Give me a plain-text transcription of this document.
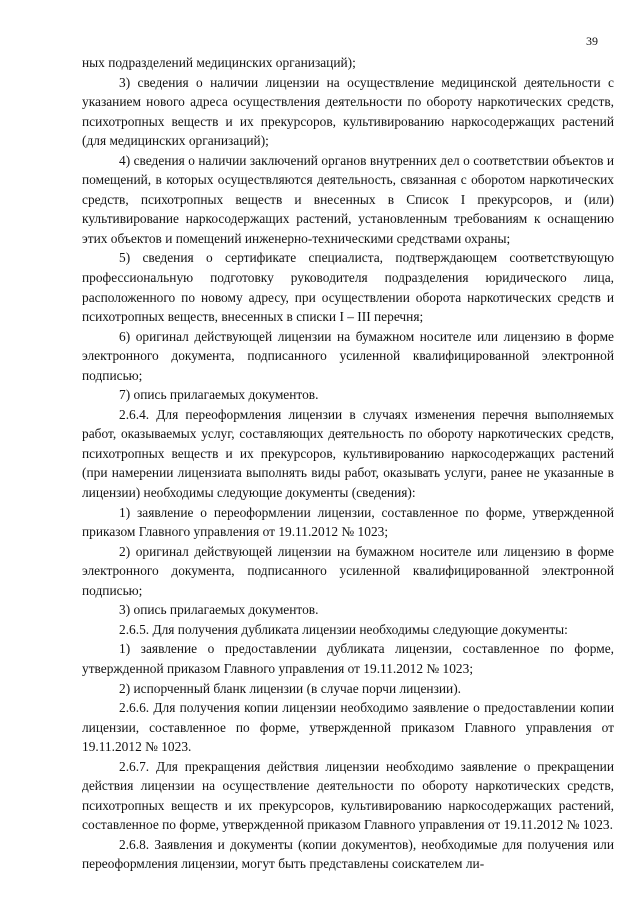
39

ных подразделений медицинских организаций);

3) сведения о наличии лицензии на осуществление медицинской деятельности с указанием нового адреса осуществления деятельности по обороту наркотических средств, психотропных веществ и их прекурсоров, культивированию наркосодержащих растений (для медицинских организаций);

4) сведения о наличии заключений органов внутренних дел о соответствии объектов и помещений, в которых осуществляются деятельность, связанная с оборотом наркотических средств, психотропных веществ и внесенных в Список I прекурсоров, и (или) культивирование наркосодержащих растений, установленным требованиям к оснащению этих объектов и помещений инженерно-техническими средствами охраны;

5) сведения о сертификате специалиста, подтверждающем соответствующую профессиональную подготовку руководителя подразделения юридического лица, расположенного по новому адресу, при осуществлении оборота наркотических средств и психотропных веществ, внесенных в списки I – III перечня;

6) оригинал действующей лицензии на бумажном носителе или лицензию в форме электронного документа, подписанного усиленной квалифицированной электронной подписью;

7) опись прилагаемых документов.

2.6.4. Для переоформления лицензии в случаях изменения перечня выполняемых работ, оказываемых услуг, составляющих деятельность по обороту наркотических средств, психотропных веществ и их прекурсоров, культивированию наркосодержащих растений (при намерении лицензиата выполнять виды работ, оказывать услуги, ранее не указанные в лицензии) необходимы следующие документы (сведения):

1) заявление о переоформлении лицензии, составленное по форме, утвержденной приказом Главного управления от 19.11.2012 № 1023;

2) оригинал действующей лицензии на бумажном носителе или лицензию в форме электронного документа, подписанного усиленной квалифицированной электронной подписью;

3) опись прилагаемых документов.

2.6.5. Для получения дубликата лицензии необходимы следующие документы:

1) заявление о предоставлении дубликата лицензии, составленное по форме, утвержденной приказом Главного управления от 19.11.2012 № 1023;

2) испорченный бланк лицензии (в случае порчи лицензии).

2.6.6. Для получения копии лицензии необходимо заявление о предоставлении копии лицензии, составленное по форме, утвержденной приказом Главного управления от 19.11.2012 № 1023.

2.6.7. Для прекращения действия лицензии необходимо заявление о прекращении действия лицензии на осуществление деятельности по обороту наркотических средств, психотропных веществ и их прекурсоров, культивированию наркосодержащих растений, составленное по форме, утвержденной приказом Главного управления от 19.11.2012 № 1023.

2.6.8. Заявления и документы (копии документов), необходимые для получения или переоформления лицензии, могут быть представлены соискателем ли-
